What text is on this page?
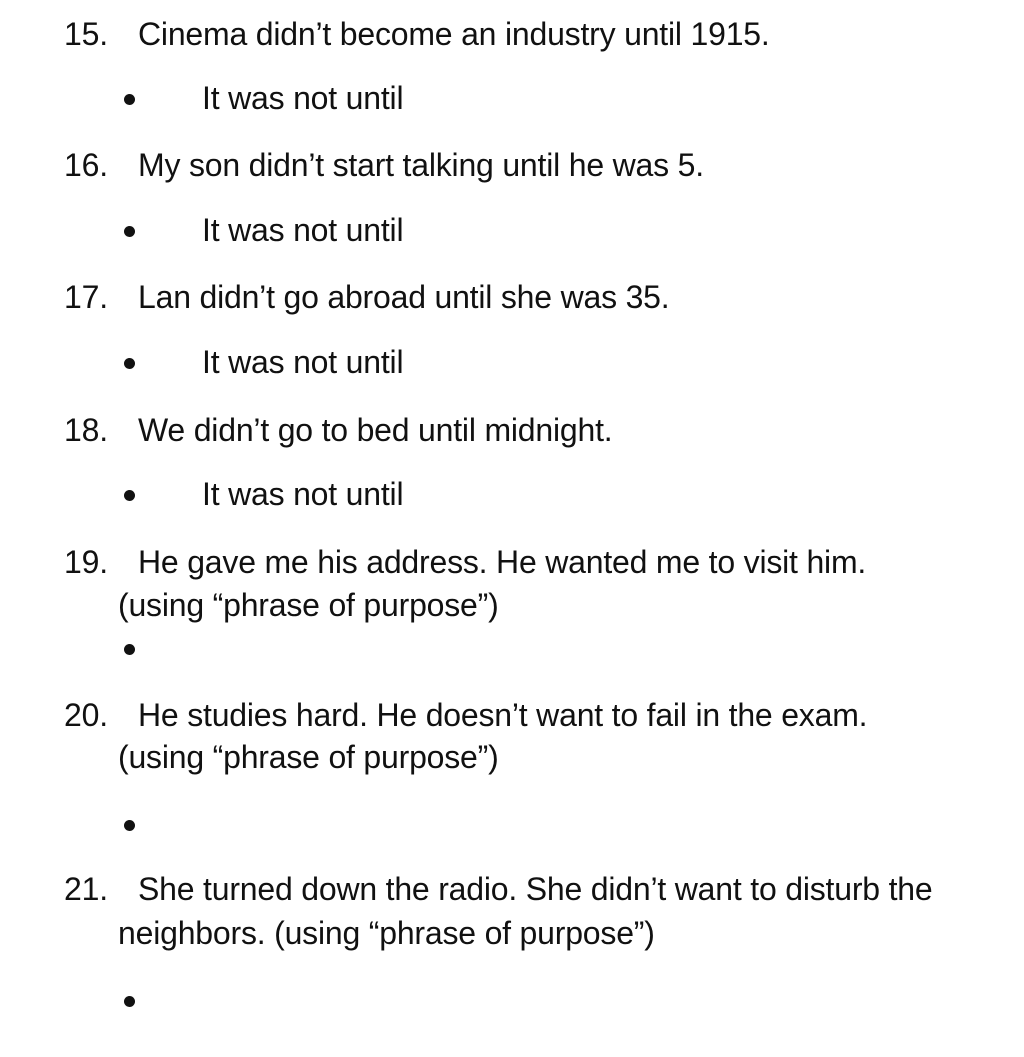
15. Cinema didn’t become an industry until 1915.
It was not until
16. My son didn’t start talking until he was 5.
It was not until
17. Lan didn’t go abroad until she was 35.
It was not until
18. We didn’t go to bed until midnight.
It was not until
19. He gave me his address. He wanted me to visit him.
(using “phrase of purpose”)
20. He studies hard. He doesn’t want to fail in the exam.
(using “phrase of purpose”)
21. She turned down the radio. She didn’t want to disturb the
neighbors. (using “phrase of purpose”)
